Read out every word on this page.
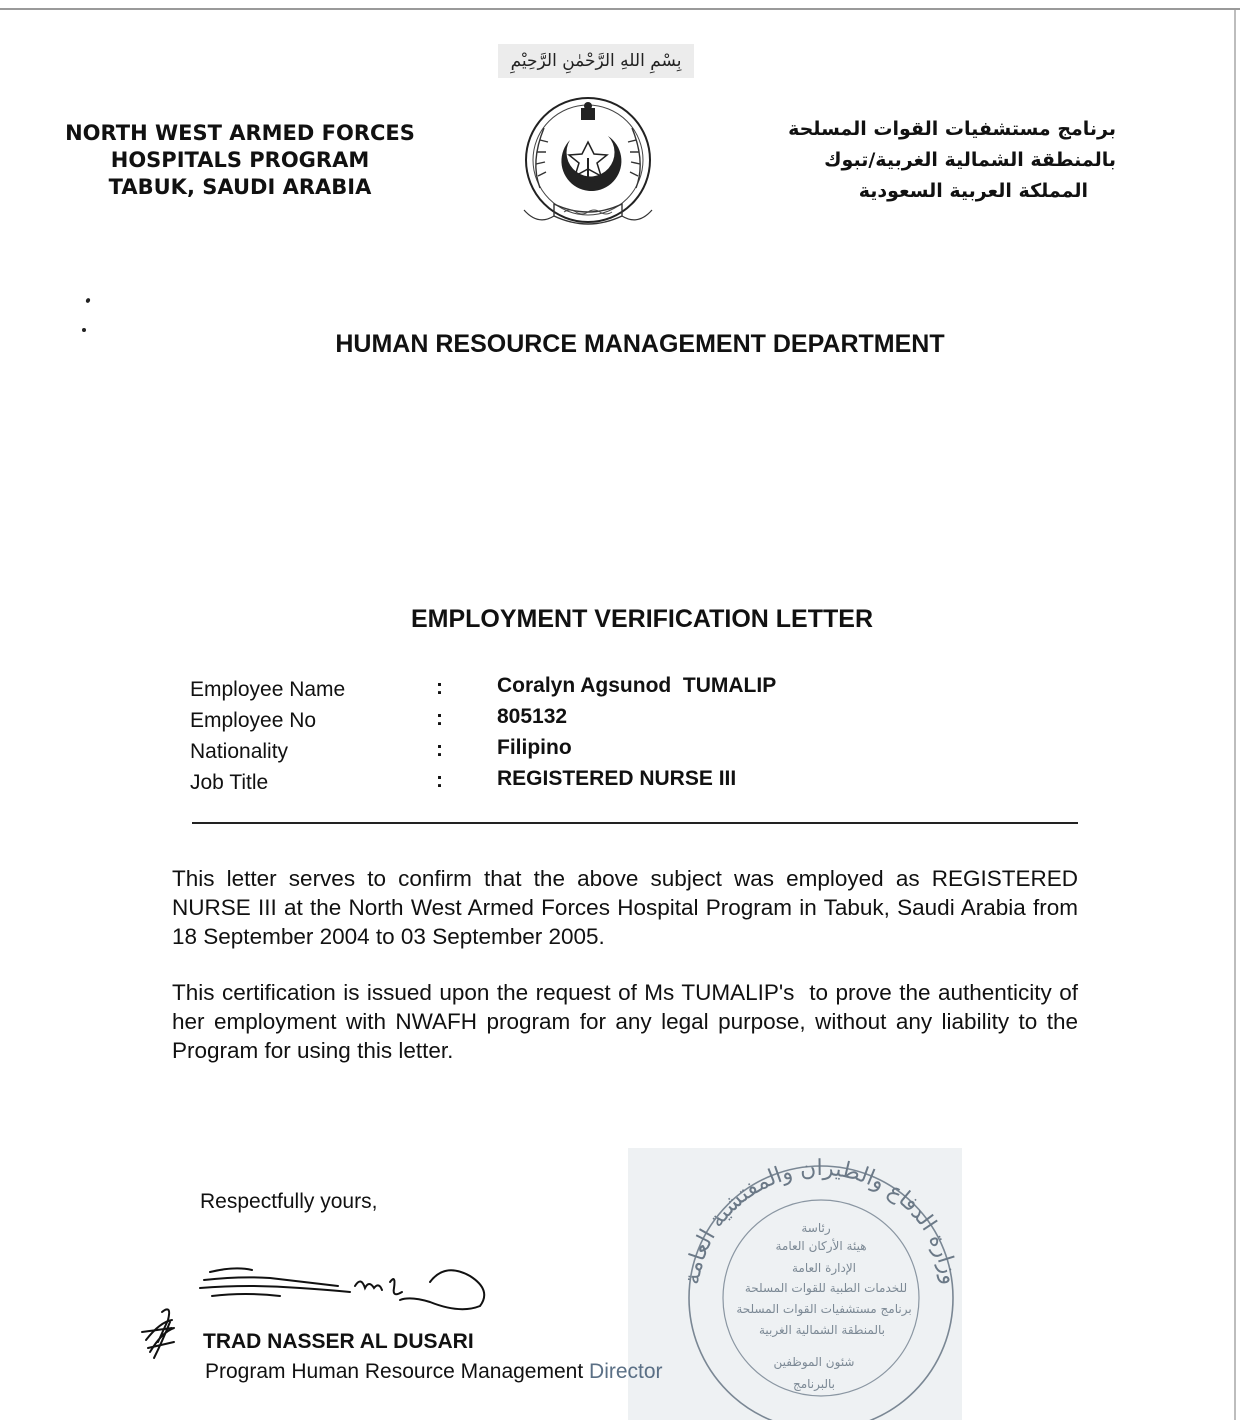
بِسْمِ اللهِ الرَّحْمٰنِ الرَّحِيْمِ
NORTH WEST ARMED FORCES
HOSPITALS PROGRAM
TABUK, SAUDI ARABIA
برنامج مستشفيات القوات المسلحة
بالمنطقة الشمالية الغربية/تبوك
المملكة العربية السعودية
HUMAN RESOURCE MANAGEMENT DEPARTMENT
EMPLOYMENT VERIFICATION LETTER
Employee Name	:	Coralyn Agsunod  TUMALIP
Employee No	:	805132
Nationality	:	Filipino
Job Title	:	REGISTERED NURSE III
This letter serves to confirm that the above subject was employed as REGISTERED NURSE III at the North West Armed Forces Hospital Program in Tabuk, Saudi Arabia from 18 September 2004 to 03 September 2005.
This certification is issued upon the request of Ms TUMALIP's  to prove the authenticity of her employment with NWAFH program for any legal purpose, without any liability to the Program for using this letter.
Respectfully yours,
وزارة الدفاع والطيران والمفتشية العامة
رئاسة
هيئة الأركان العامة
الإدارة العامة
للخدمات الطبية للقوات المسلحة
برنامج مستشفيات القوات المسلحة
بالمنطقة الشمالية الغربية
شئون الموظفين
بالبرنامج
TRAD NASSER AL DUSARI
Program Human Resource Management Director
